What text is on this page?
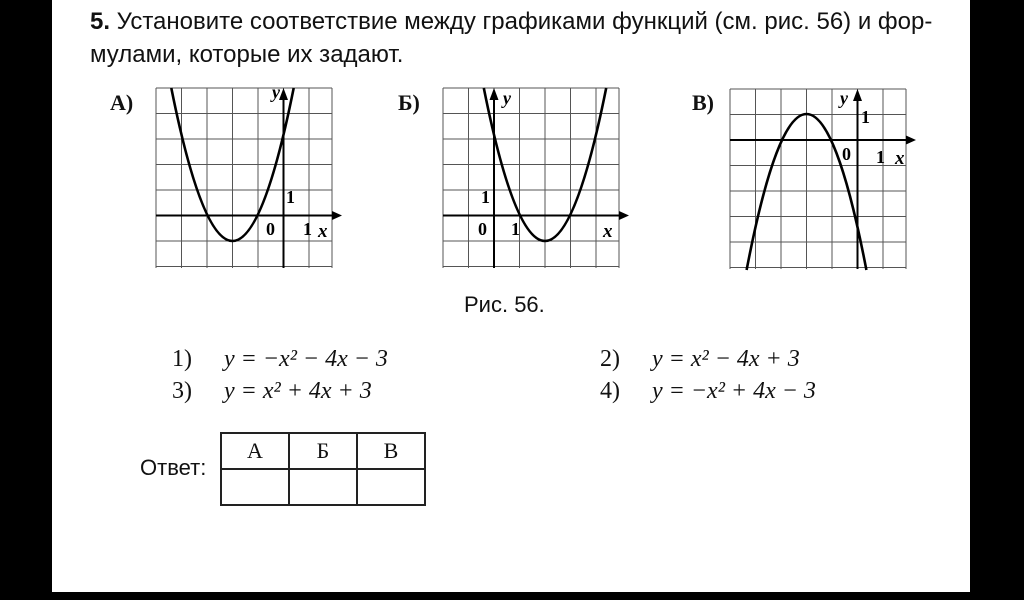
5. Установите соответствие между графиками функций (см. рис. 56) и фор-мулами, которые их задают.
А)	y
x
0 1
1
Б)	y
x
0 1
1
В)	y
x
0 1
1
Рис. 56.
1) y = −x² − 4x − 3	2) y = x² − 4x + 3
3) y = x² + 4x + 3	4) y = −x² + 4x − 3
Ответ:
А	Б	В
